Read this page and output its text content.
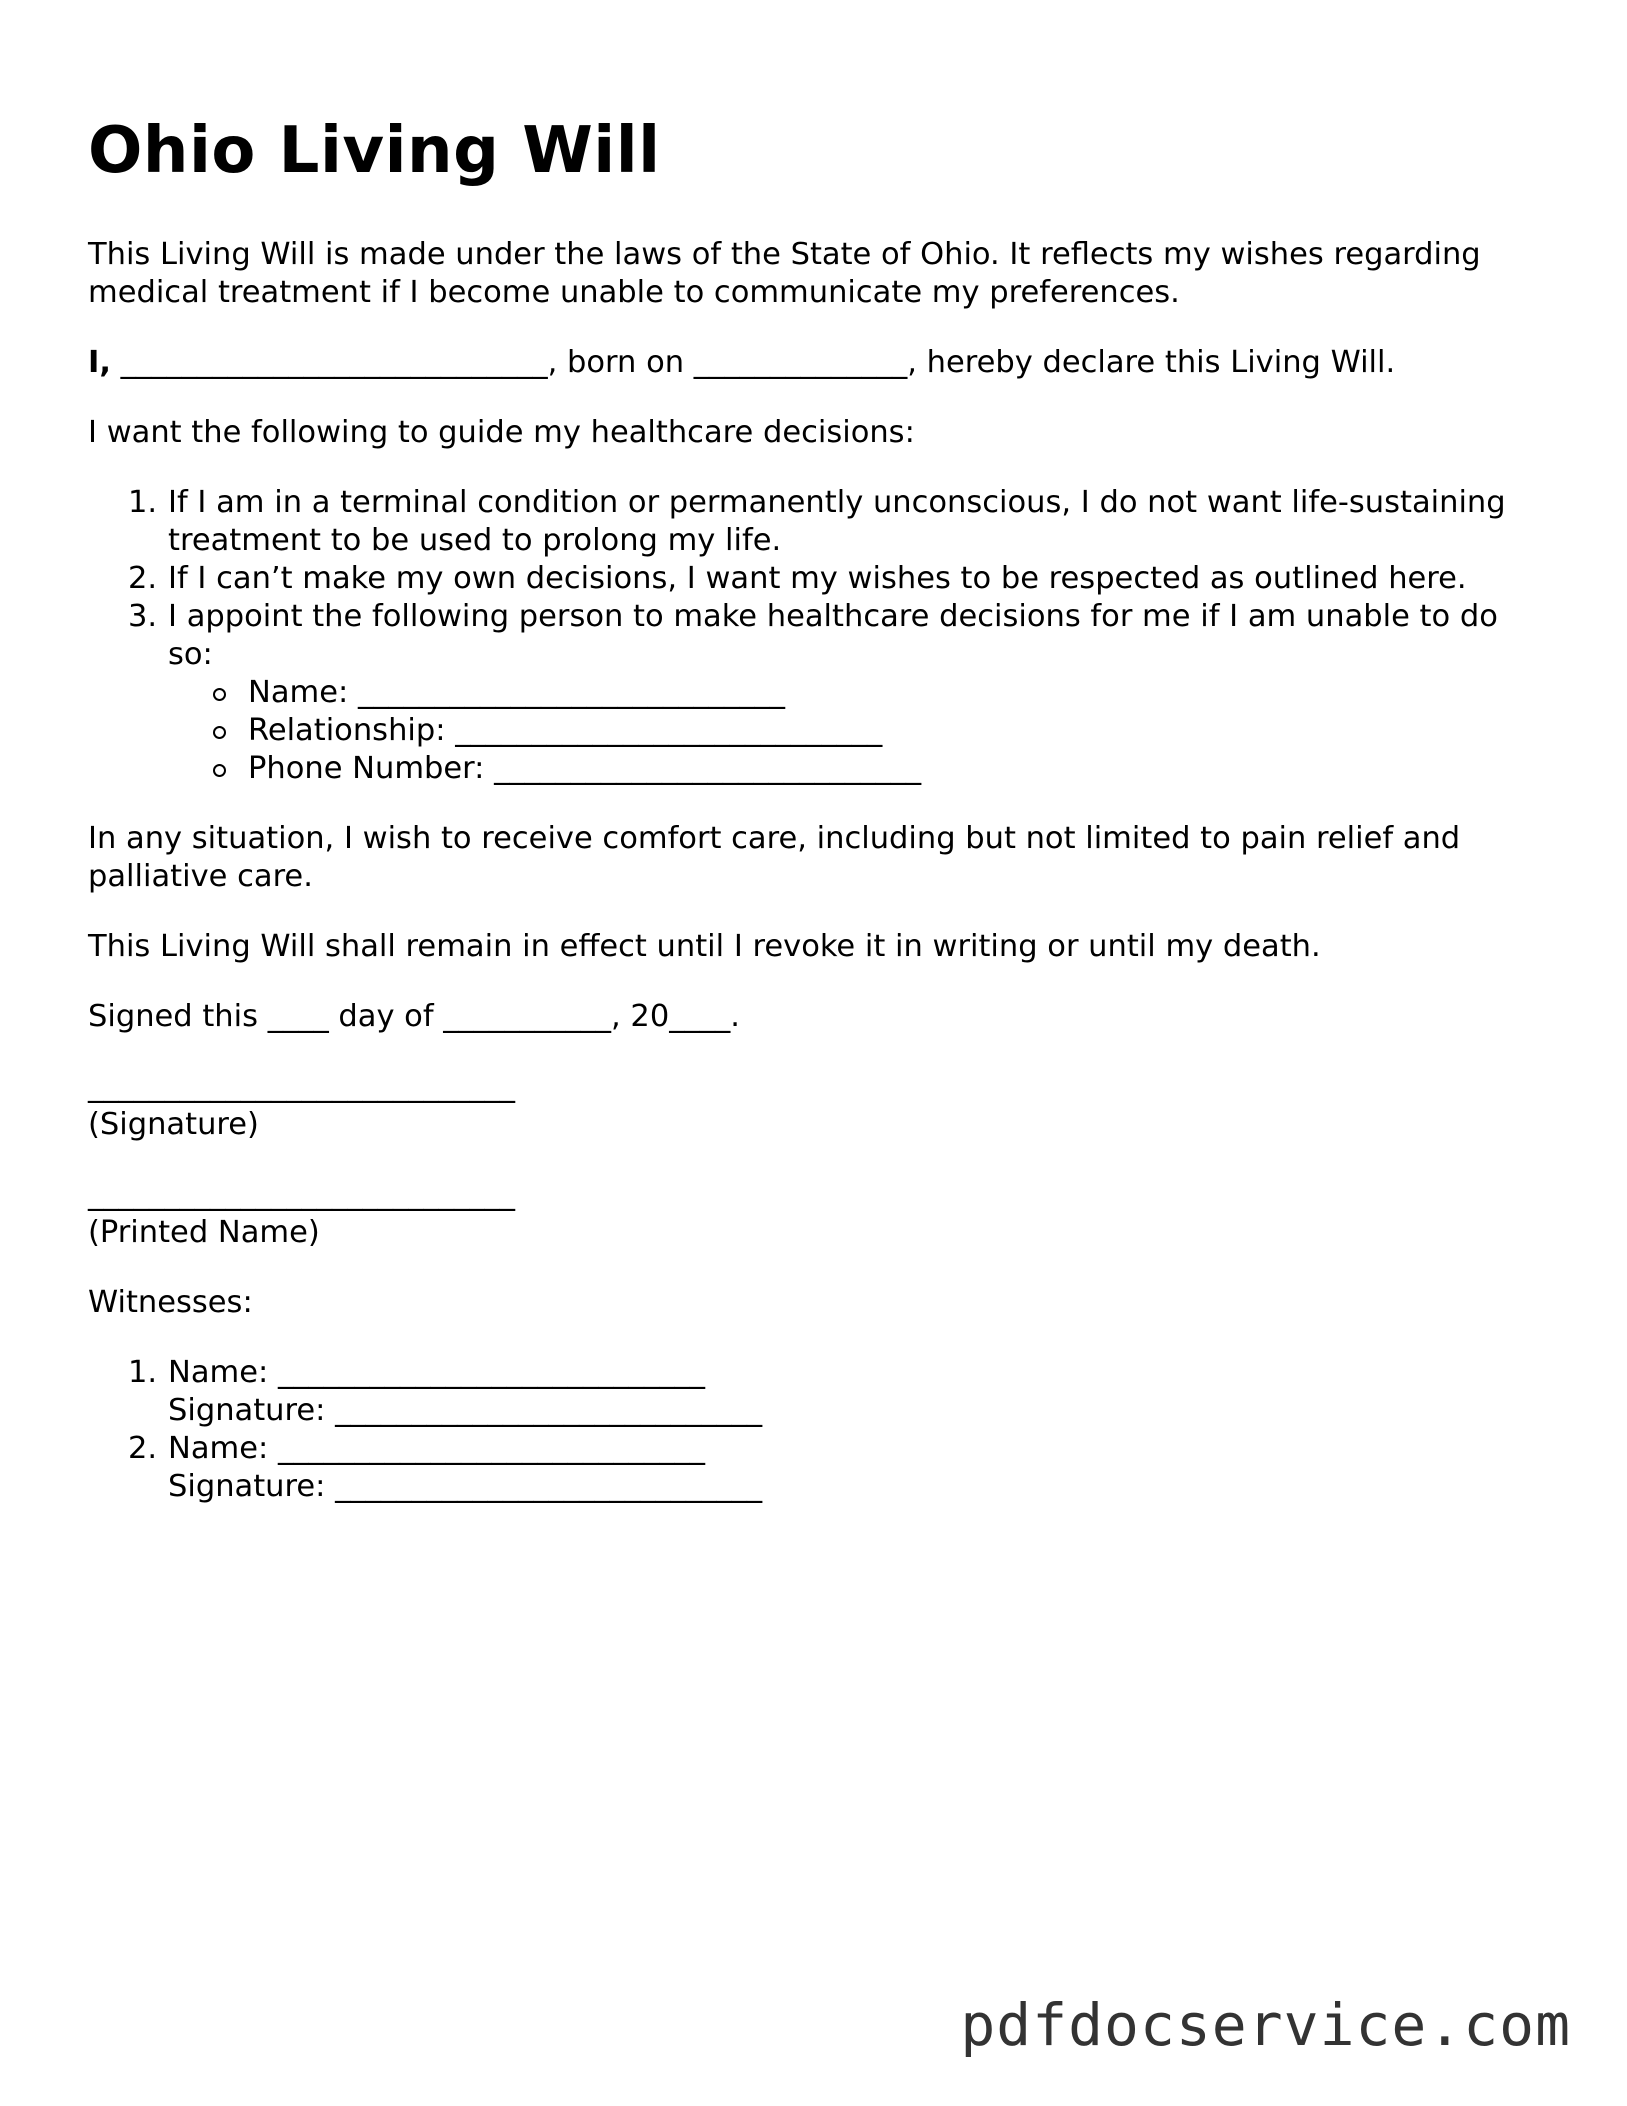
Ohio Living Will

This Living Will is made under the laws of the State of Ohio. It reflects my wishes regarding medical treatment if I become unable to communicate my preferences.

I, ____________________________, born on ______________, hereby declare this Living Will.

I want the following to guide my healthcare decisions:

1. If I am in a terminal condition or permanently unconscious, I do not want life-sustaining treatment to be used to prolong my life.
2. If I can’t make my own decisions, I want my wishes to be respected as outlined here.
3. I appoint the following person to make healthcare decisions for me if I am unable to do so:
Name: ____________________________
Relationship: ____________________________
Phone Number: ____________________________

In any situation, I wish to receive comfort care, including but not limited to pain relief and palliative care.

This Living Will shall remain in effect until I revoke it in writing or until my death.

Signed this ____ day of ___________, 20____.

____________________________
(Signature)
____________________________
(Printed Name)

Witnesses:

1. Name: ____________________________
Signature: ____________________________
2. Name: ____________________________
Signature: ____________________________
pdfdocservice.com
